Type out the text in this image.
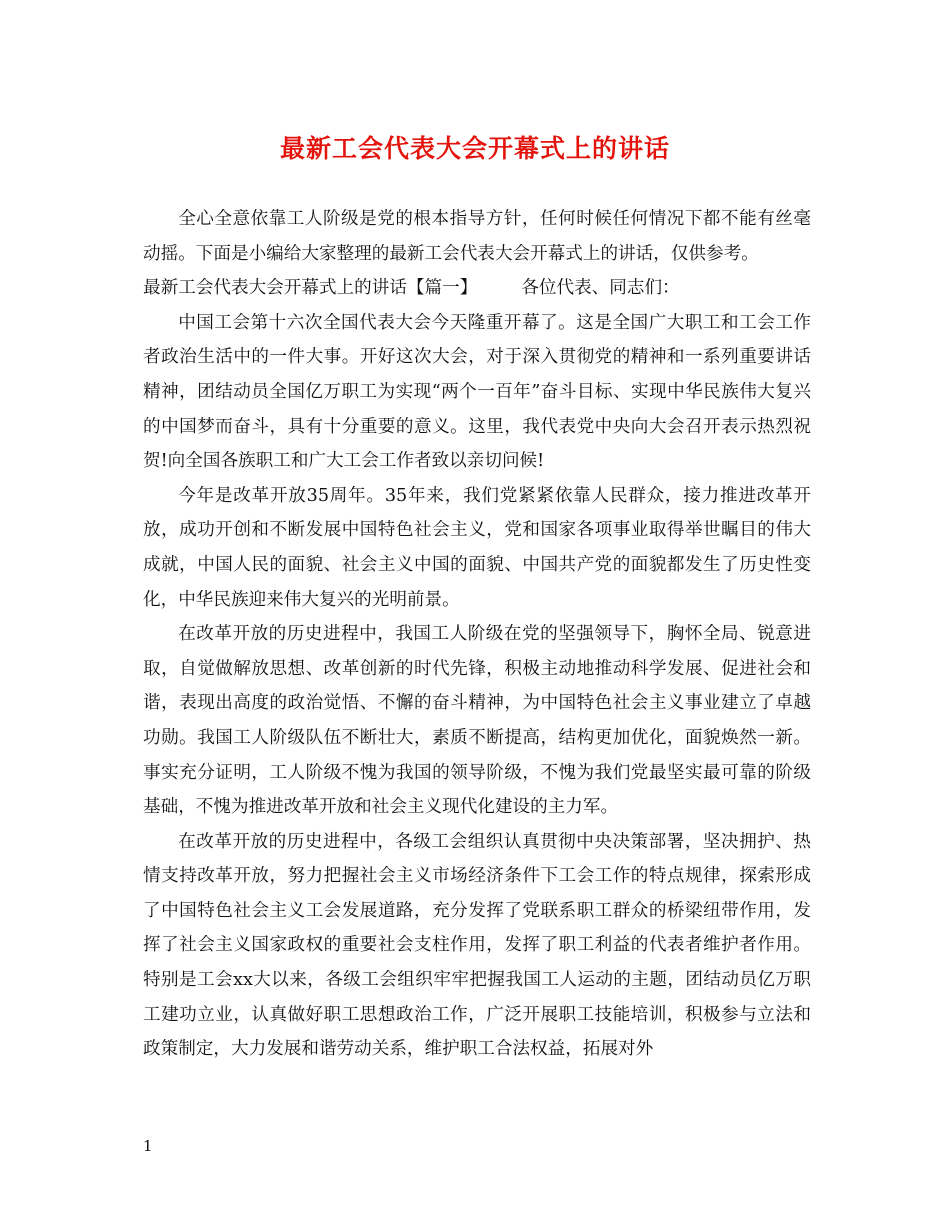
最新工会代表大会开幕式上的讲话

全心全意依靠工人阶级是党的根本指导方针，任何时候任何情况下都不能有丝毫动摇。下面是小编给大家整理的最新工会代表大会开幕式上的讲话，仅供参考。

最新工会代表大会开幕式上的讲话【篇一】	各位代表、同志们：

中国工会第十六次全国代表大会今天隆重开幕了。这是全国广大职工和工会工作者政治生活中的一件大事。开好这次大会，对于深入贯彻党的精神和一系列重要讲话精神，团结动员全国亿万职工为实现“两个一百年”奋斗目标、实现中华民族伟大复兴的中国梦而奋斗，具有十分重要的意义。这里，我代表党中央向大会召开表示热烈祝贺!向全国各族职工和广大工会工作者致以亲切问候!

今年是改革开放35周年。35年来，我们党紧紧依靠人民群众，接力推进改革开放，成功开创和不断发展中国特色社会主义，党和国家各项事业取得举世瞩目的伟大成就，中国人民的面貌、社会主义中国的面貌、中国共产党的面貌都发生了历史性变化，中华民族迎来伟大复兴的光明前景。

在改革开放的历史进程中，我国工人阶级在党的坚强领导下，胸怀全局、锐意进取，自觉做解放思想、改革创新的时代先锋，积极主动地推动科学发展、促进社会和谐，表现出高度的政治觉悟、不懈的奋斗精神，为中国特色社会主义事业建立了卓越功勋。我国工人阶级队伍不断壮大，素质不断提高，结构更加优化，面貌焕然一新。事实充分证明，工人阶级不愧为我国的领导阶级，不愧为我们党最坚实最可靠的阶级基础，不愧为推进改革开放和社会主义现代化建设的主力军。

在改革开放的历史进程中，各级工会组织认真贯彻中央决策部署，坚决拥护、热情支持改革开放，努力把握社会主义市场经济条件下工会工作的特点规律，探索形成了中国特色社会主义工会发展道路，充分发挥了党联系职工群众的桥梁纽带作用，发挥了社会主义国家政权的重要社会支柱作用，发挥了职工利益的代表者维护者作用。特别是工会xx大以来，各级工会组织牢牢把握我国工人运动的主题，团结动员亿万职工建功立业，认真做好职工思想政治工作，广泛开展职工技能培训，积极参与立法和政策制定，大力发展和谐劳动关系，维护职工合法权益，拓展对外

1
